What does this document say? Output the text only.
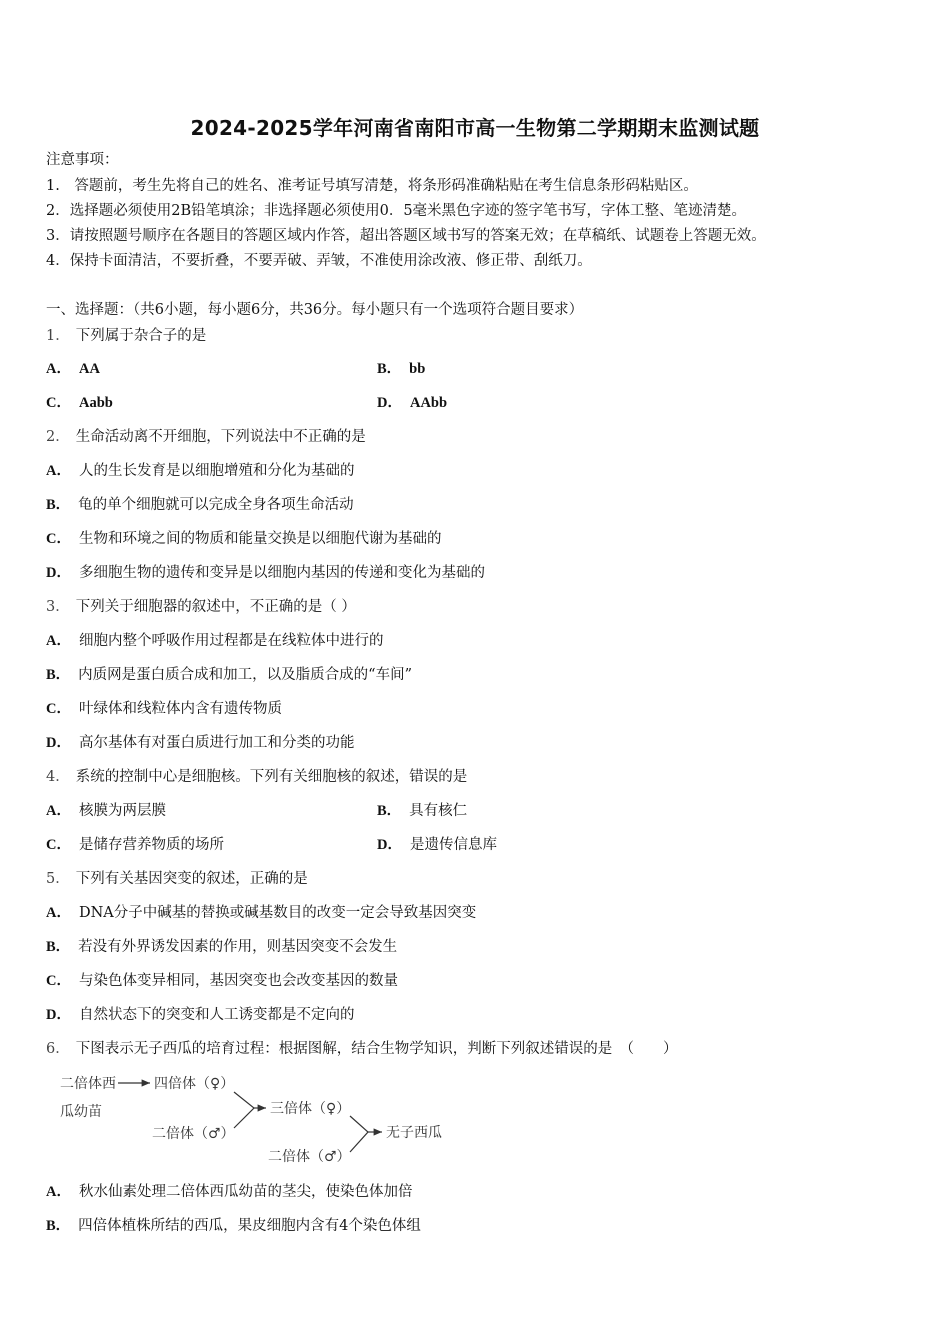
2024-2025学年河南省南阳市高一生物第二学期期末监测试题
注意事项：
1.　答题前，考生先将自己的姓名、准考证号填写清楚，将条形码准确粘贴在考生信息条形码粘贴区。
2．选择题必须使用2B铅笔填涂；非选择题必须使用0．5毫米黑色字迹的签字笔书写，字体工整、笔迹清楚。
3．请按照题号顺序在各题目的答题区域内作答，超出答题区域书写的答案无效；在草稿纸、试题卷上答题无效。
4．保持卡面清洁，不要折叠，不要弄破、弄皱，不准使用涂改液、修正带、刮纸刀。
一、选择题：（共6小题，每小题6分，共36分。每小题只有一个选项符合题目要求）
1． 下列属于杂合子的是
A． AA	B． bb
C． Aabb	D． AAbb
2． 生命活动离不开细胞，下列说法中不正确的是
A． 人的生长发育是以细胞增殖和分化为基础的
B． 龟的单个细胞就可以完成全身各项生命活动
C． 生物和环境之间的物质和能量交换是以细胞代谢为基础的
D． 多细胞生物的遗传和变异是以细胞内基因的传递和变化为基础的
3． 下列关于细胞器的叙述中，不正确的是（ ）
A． 细胞内整个呼吸作用过程都是在线粒体中进行的
B． 内质网是蛋白质合成和加工，以及脂质合成的“车间”
C． 叶绿体和线粒体内含有遗传物质
D． 高尔基体有对蛋白质进行加工和分类的功能
4． 系统的控制中心是细胞核。下列有关细胞核的叙述，错误的是
A． 核膜为两层膜	B． 具有核仁
C． 是储存营养物质的场所	D． 是遗传信息库
5． 下列有关基因突变的叙述，正确的是
A． DNA分子中碱基的替换或碱基数目的改变一定会导致基因突变
B． 若没有外界诱发因素的作用，则基因突变不会发生
C． 与染色体变异相同，基因突变也会改变基因的数量
D． 自然状态下的突变和人工诱变都是不定向的
6． 下图表示无子西瓜的培育过程：根据图解，结合生物学知识，判断下列叙述错误的是　（　　）
二倍体西
瓜幼苗
四倍体（♀）
二倍体（♂）
三倍体（♀）
二倍体（♂）
无子西瓜
A． 秋水仙素处理二倍体西瓜幼苗的茎尖，使染色体加倍
B． 四倍体植株所结的西瓜，果皮细胞内含有4个染色体组
